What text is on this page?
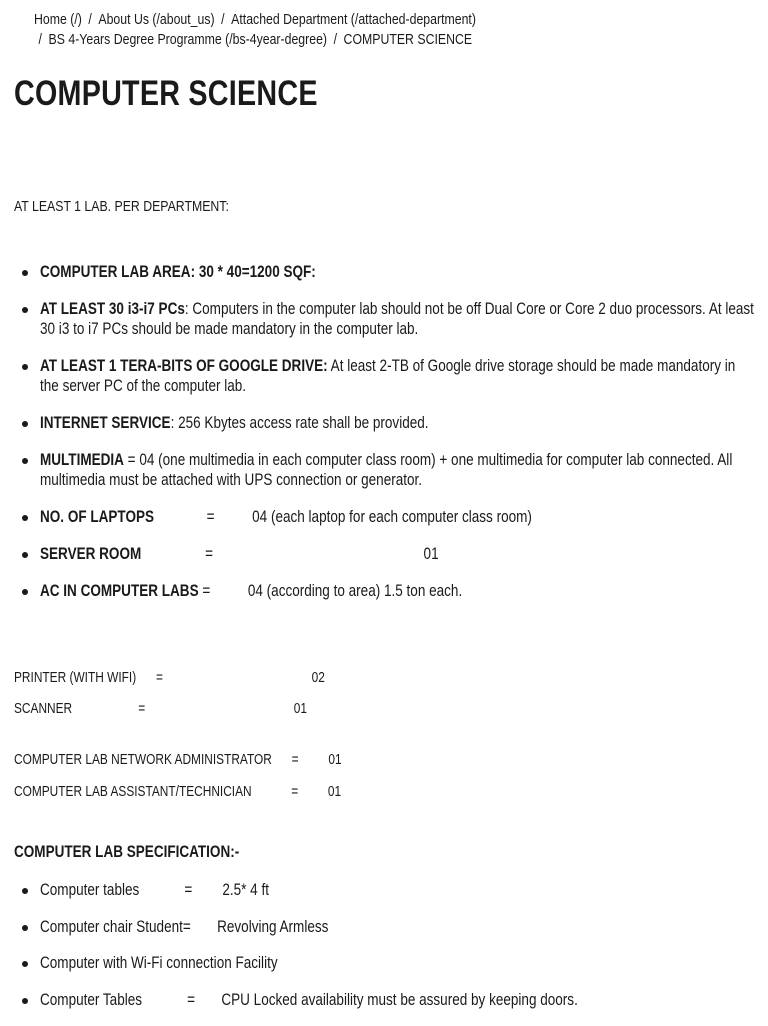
Home (/) / About Us (/about_us) / Attached Department (/attached-department)
/ BS 4-Years Degree Programme (/bs-4year-degree) / COMPUTER SCIENCE
COMPUTER SCIENCE
AT LEAST 1 LAB. PER DEPARTMENT:
COMPUTER LAB AREA: 30 * 40=1200 SQF:
AT LEAST 30 i3-i7 PCs: Computers in the computer lab should not be off Dual Core or Core 2 duo processors. At least 30 i3 to i7 PCs should be made mandatory in the computer lab.
AT LEAST 1 TERA-BITS OF GOOGLE DRIVE: At least 2-TB of Google drive storage should be made mandatory in the server PC of the computer lab.
INTERNET SERVICE: 256 Kbytes access rate shall be provided.
MULTIMEDIA = 04 (one multimedia in each computer class room) + one multimedia for computer lab connected. All multimedia must be attached with UPS connection or generator.
NO. OF LAPTOPS              =          04 (each laptop for each computer class room)
SERVER ROOM                 =                                                        01
AC IN COMPUTER LABS =          04 (according to area) 1.5 ton each.
PRINTER (WITH WIFI)      =                                             02
SCANNER                    =                                             01
COMPUTER LAB NETWORK ADMINISTRATOR      =         01
COMPUTER LAB ASSISTANT/TECHNICIAN            =         01
COMPUTER LAB SPECIFICATION:-
Computer tables            =        2.5* 4 ft
Computer chair Student=       Revolving Armless
Computer with Wi-Fi connection Facility
Computer Tables            =       CPU Locked availability must be assured by keeping doors.
